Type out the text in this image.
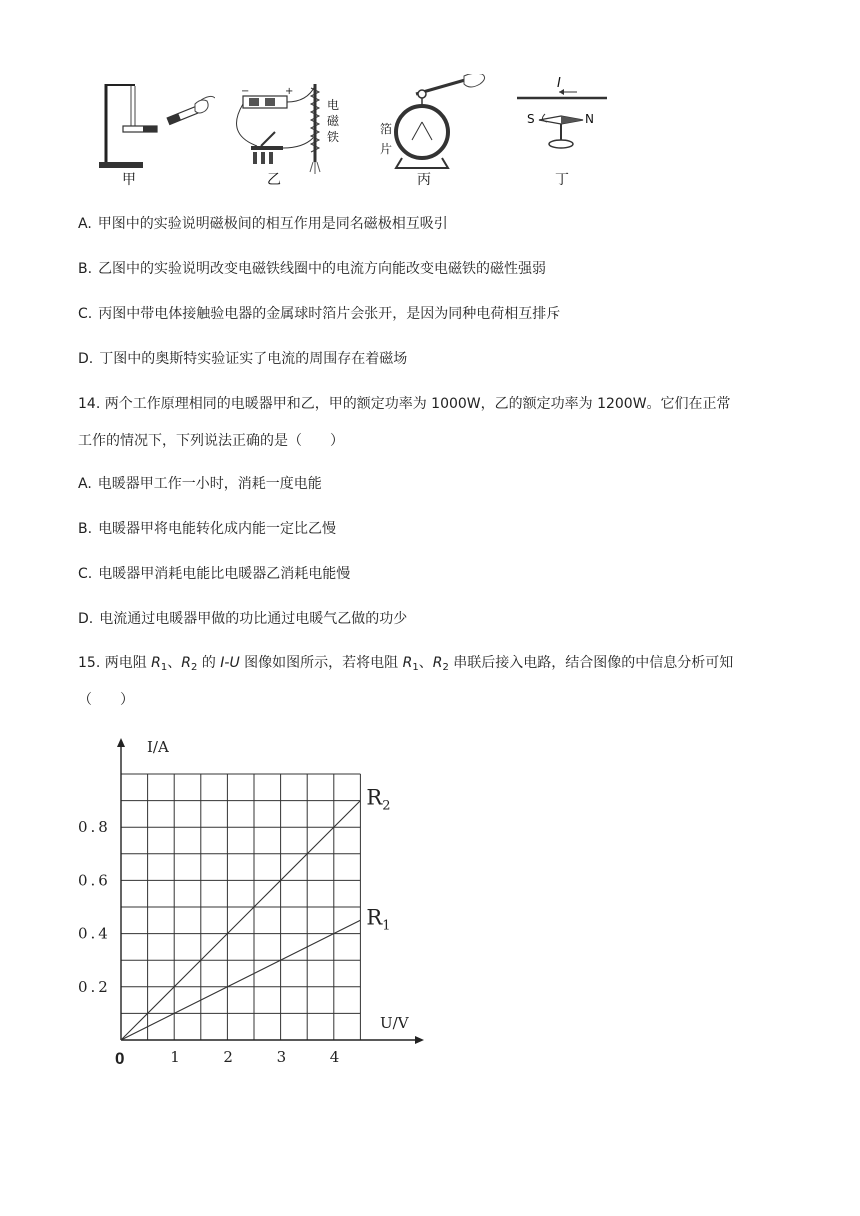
甲
−	+
电
磁
铁
乙
箔
片
丙
I
S	N
丁
A. 甲图中的实验说明磁极间的相互作用是同名磁极相互吸引
B. 乙图中的实验说明改变电磁铁线圈中的电流方向能改变电磁铁的磁性强弱
C. 丙图中带电体接触验电器的金属球时箔片会张开，是因为同种电荷相互排斥
D. 丁图中的奥斯特实验证实了电流的周围存在着磁场
14. 两个工作原理相同的电暖器甲和乙，甲的额定功率为 1000W，乙的额定功率为 1200W。它们在正常
工作的情况下，下列说法正确的是（　　）
A. 电暖器甲工作一小时，消耗一度电能
B. 电暖器甲将电能转化成内能一定比乙慢
C. 电暖器甲消耗电能比电暖器乙消耗电能慢
D. 电流通过电暖器甲做的功比通过电暖气乙做的功少
15. 两电阻 $R_1$、$R_2$ 的 I-U 图像如图所示，若将电阻 $R_1$、$R_2$ 串联后接入电路，结合图像的中信息分析可知
（　　）
I/A
U/V
0	1	2	3	4
0 . 2
0 . 4
0 . 6
0 . 8
$R_2$
$R_1$
